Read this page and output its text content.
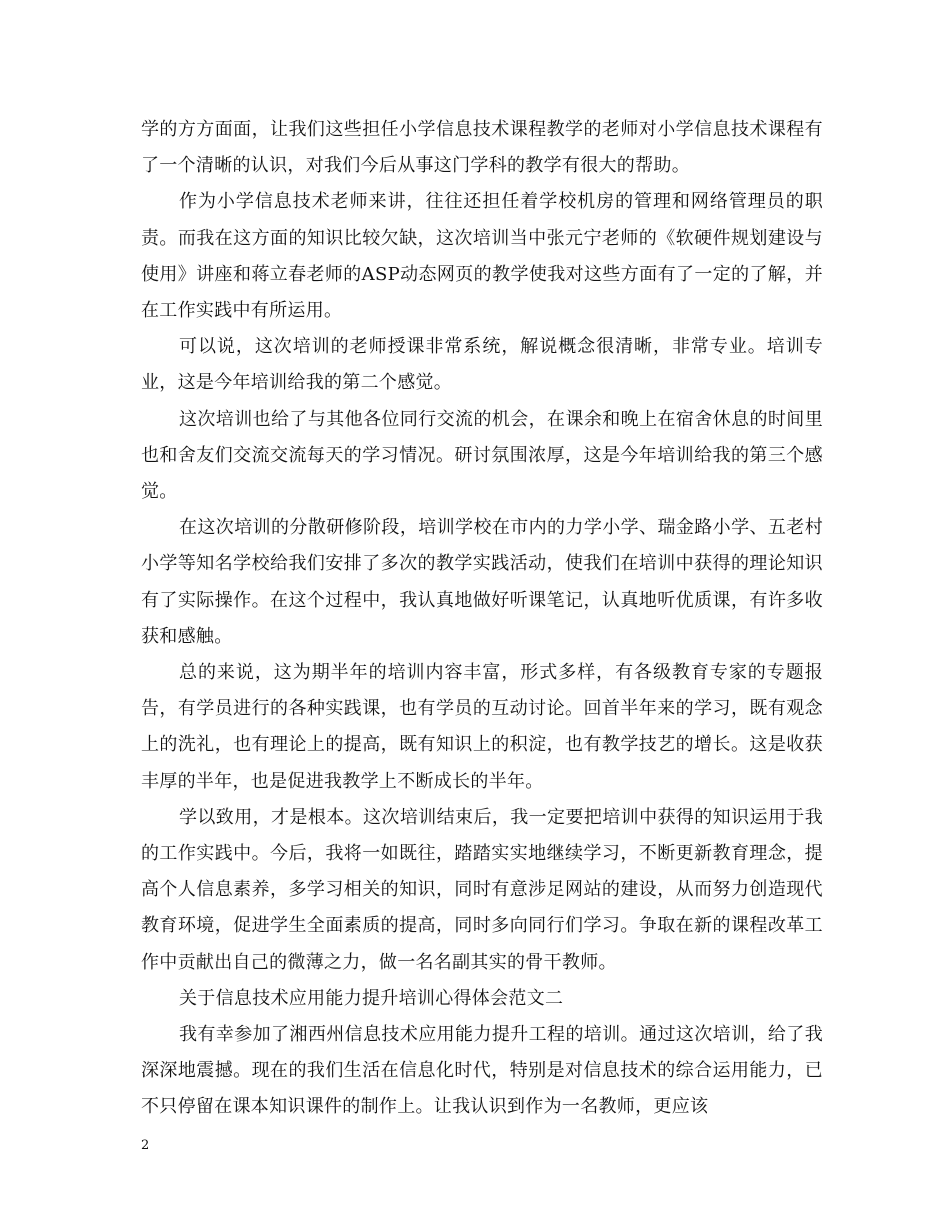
学的方方面面，让我们这些担任小学信息技术课程教学的老师对小学信息技术课程有了一个清晰的认识，对我们今后从事这门学科的教学有很大的帮助。

作为小学信息技术老师来讲，往往还担任着学校机房的管理和网络管理员的职责。而我在这方面的知识比较欠缺，这次培训当中张元宁老师的《软硬件规划建设与使用》讲座和蒋立春老师的ASP动态网页的教学使我对这些方面有了一定的了解，并在工作实践中有所运用。

可以说，这次培训的老师授课非常系统，解说概念很清晰，非常专业。培训专业，这是今年培训给我的第二个感觉。

这次培训也给了与其他各位同行交流的机会，在课余和晚上在宿舍休息的时间里也和舍友们交流交流每天的学习情况。研讨氛围浓厚，这是今年培训给我的第三个感觉。

在这次培训的分散研修阶段，培训学校在市内的力学小学、瑞金路小学、五老村小学等知名学校给我们安排了多次的教学实践活动，使我们在培训中获得的理论知识有了实际操作。在这个过程中，我认真地做好听课笔记，认真地听优质课，有许多收获和感触。

总的来说，这为期半年的培训内容丰富，形式多样，有各级教育专家的专题报告，有学员进行的各种实践课，也有学员的互动讨论。回首半年来的学习，既有观念上的洗礼，也有理论上的提高，既有知识上的积淀，也有教学技艺的增长。这是收获丰厚的半年，也是促进我教学上不断成长的半年。

学以致用，才是根本。这次培训结束后，我一定要把培训中获得的知识运用于我的工作实践中。今后，我将一如既往，踏踏实实地继续学习，不断更新教育理念，提高个人信息素养，多学习相关的知识，同时有意涉足网站的建设，从而努力创造现代教育环境，促进学生全面素质的提高，同时多向同行们学习。争取在新的课程改革工作中贡献出自己的微薄之力，做一名名副其实的骨干教师。

关于信息技术应用能力提升培训心得体会范文二

我有幸参加了湘西州信息技术应用能力提升工程的培训。通过这次培训，给了我深深地震撼。现在的我们生活在信息化时代，特别是对信息技术的综合运用能力，已不只停留在课本知识课件的制作上。让我认识到作为一名教师，更应该

2
